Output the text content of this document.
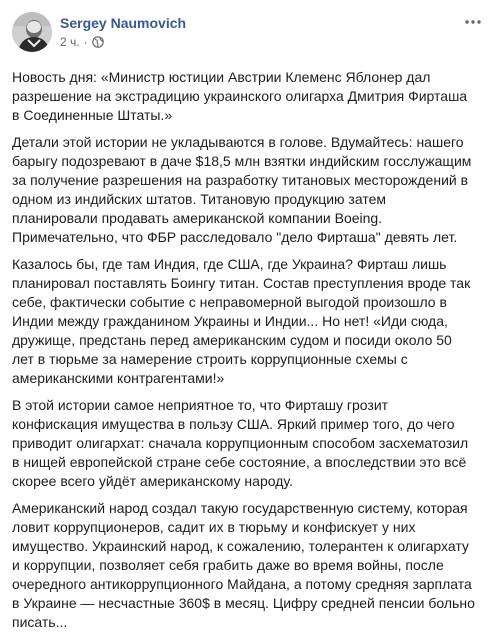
Sergey Naumovich
2 ч. ·

Новость дня: «Министр юстиции Австрии Клеменс Яблонер дал разрешение на экстрадицию украинского олигарха Дмитрия Фирташа в Соединенные Штаты.»

Детали этой истории не укладываются в голове. Вдумайтесь: нашего барыгу подозревают в даче $18,5 млн взятки индийским госслужащим за получение разрешения на разработку титановых месторождений в одном из индийских штатов. Титановую продукцию затем планировали продавать американской компании Boeing. Примечательно, что ФБР расследовало "дело Фирташа" девять лет.

Казалось бы, где там Индия, где США, где Украина? Фирташ лишь планировал поставлять Боингу титан. Состав преступления вроде так себе, фактически событие с неправомерной выгодой произошло в Индии между гражданином Украины и Индии... Но нет! «Иди сюда, дружище, предстань перед американским судом и посиди около 50 лет в тюрьме за намерение строить коррупционные схемы с американскими контрагентами!»

В этой истории самое неприятное то, что Фирташу грозит конфискация имущества в пользу США. Яркий пример того, до чего приводит олигархат: сначала коррупционным способом засхематозил в нищей европейской стране себе состояние, а впоследствии это всё скорее всего уйдёт американскому народу.

Американский народ создал такую государственную систему, которая ловит коррупционеров, садит их в тюрьму и конфискует у них имущество. Украинский народ, к сожалению, толерантен к олигархату и коррупции, позволяет себя грабить даже во время войны, после очередного антикоррупционного Майдана, а потому средняя зарплата в Украине — несчастные 360$ в месяц. Цифру средней пенсии больно писать...
